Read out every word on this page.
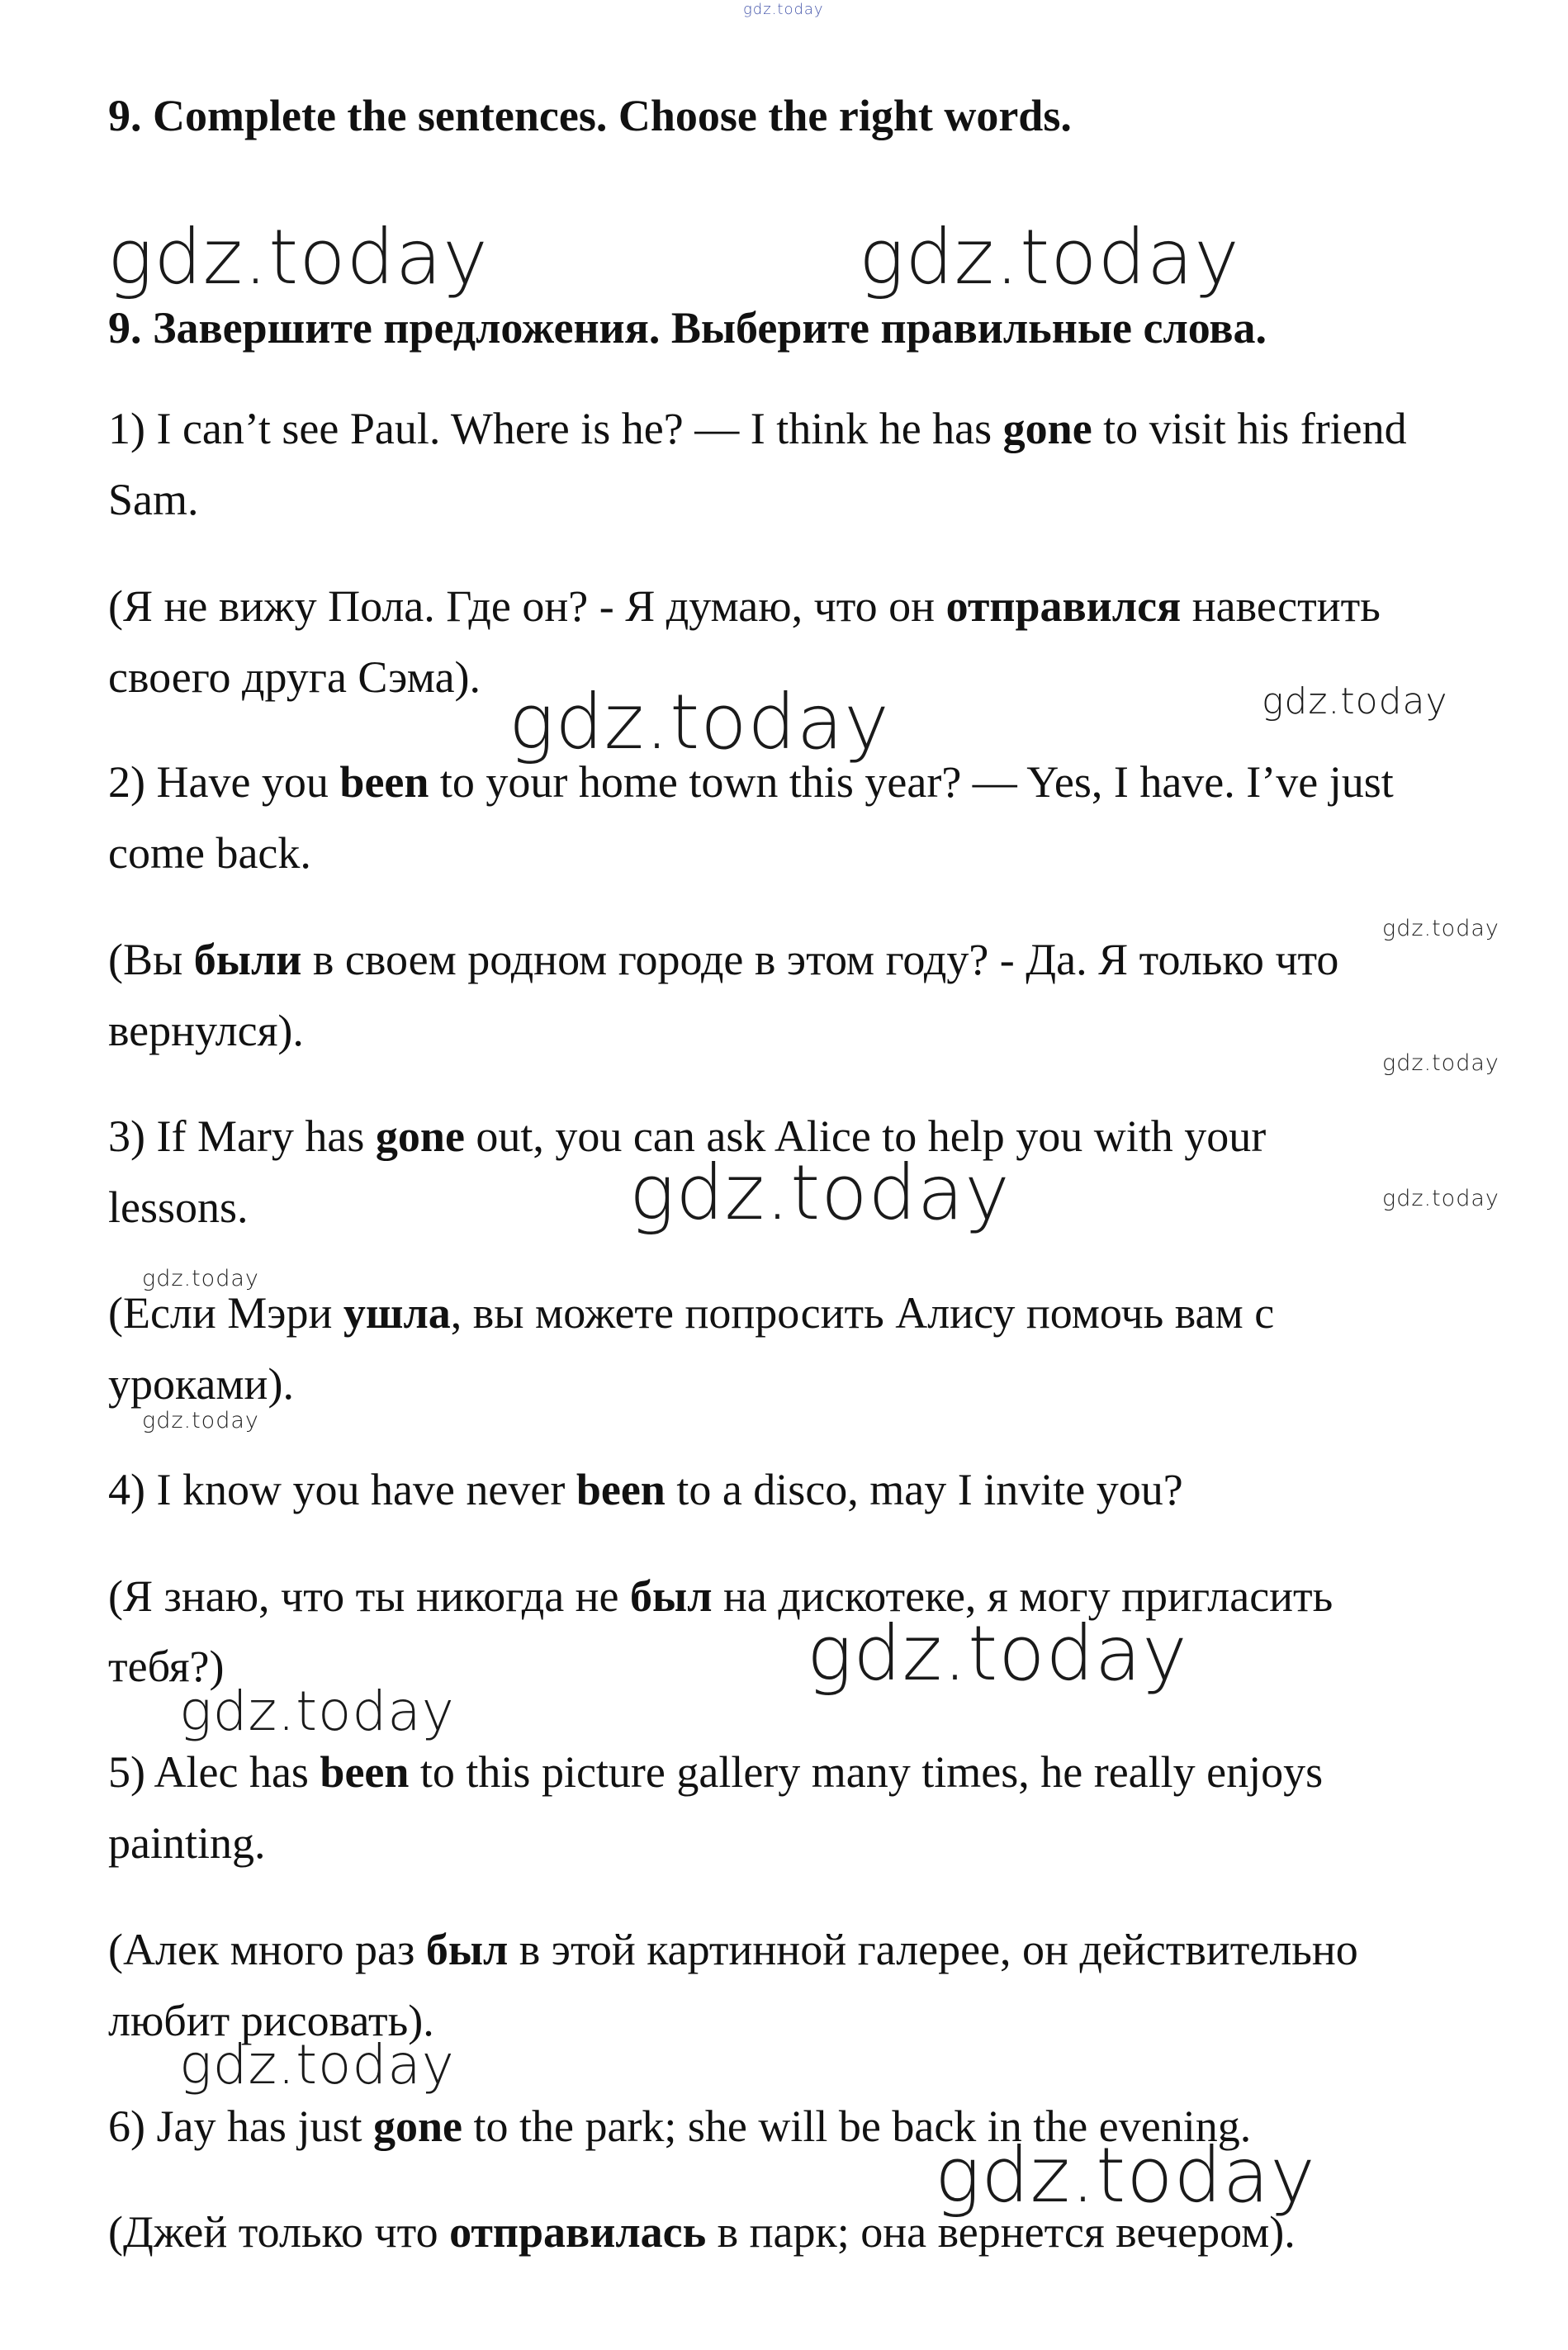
gdz.today
gdz.today	gdz.today
gdz.today	gdz.today
gdz.today
gdz.today
gdz.today	gdz.today
gdz.today
gdz.today
gdz.today
gdz.today
gdz.today
gdz.today
9. Complete the sentences. Choose the right words.
9. Завершите предложения. Выберите правильные слова.
1) I can’t see Paul. Where is he? — I think he has gone to visit his friend
Sam.
(Я не вижу Пола. Где он? - Я думаю, что он отправился навестить
своего друга Сэма).
2) Have you been to your home town this year? — Yes, I have. I’ve just
come back.
(Вы были в своем родном городе в этом году? - Да. Я только что
вернулся).
3) If Mary has gone out, you can ask Alice to help you with your
lessons.
(Если Мэри ушла, вы можете попросить Алису помочь вам с
уроками).
4) I know you have never been to a disco, may I invite you?
(Я знаю, что ты никогда не был на дискотеке, я могу пригласить
тебя?)
5) Alec has been to this picture gallery many times, he really enjoys
painting.
(Алек много раз был в этой картинной галерее, он действительно
любит рисовать).
6) Jay has just gone to the park; she will be back in the evening.
(Джей только что отправилась в парк; она вернется вечером).
